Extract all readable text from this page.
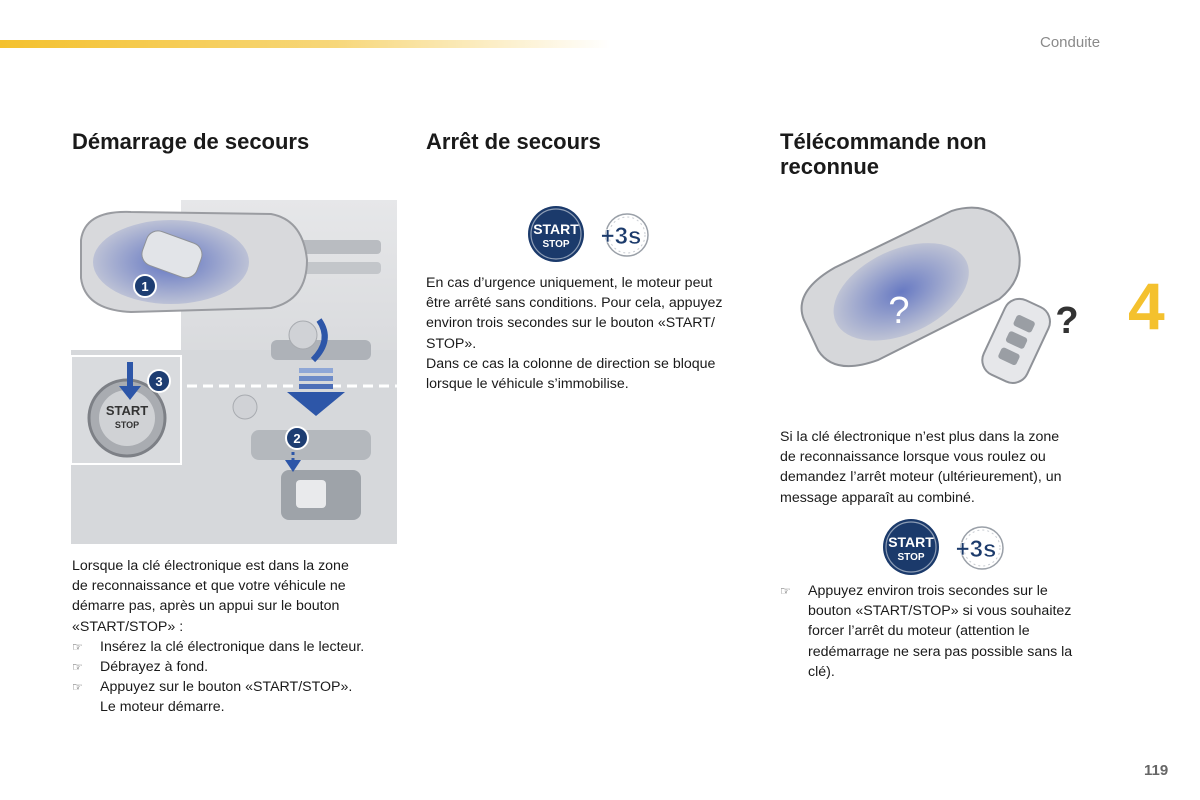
Conduite
4
119
Démarrage de secours
START
STOP
1
2
3
Lorsque la clé électronique est dans la zone
de reconnaissance et que votre véhicule ne
démarre pas, après un appui sur le bouton
«START/STOP» :
☞ Insérez la clé électronique dans le lecteur.
☞ Débrayez à fond.
☞ Appuyez sur le bouton «START/STOP».
Le moteur démarre.
Arrêt de secours
START
STOP +3s
En cas d’urgence uniquement, le moteur peut
être arrêté sans conditions. Pour cela, appuyez
environ trois secondes sur le bouton «START/
STOP».
Dans ce cas la colonne de direction se bloque
lorsque le véhicule s’immobilise.
Télécommande non
reconnue
?	?
Si la clé électronique n’est plus dans la zone
de reconnaissance lorsque vous roulez ou
demandez l’arrêt moteur (ultérieurement), un
message apparaît au combiné.
START
STOP +3s
☞ Appuyez environ trois secondes sur le
bouton «START/STOP» si vous souhaitez
forcer l’arrêt du moteur (attention le
redémarrage ne sera pas possible sans la
clé).
